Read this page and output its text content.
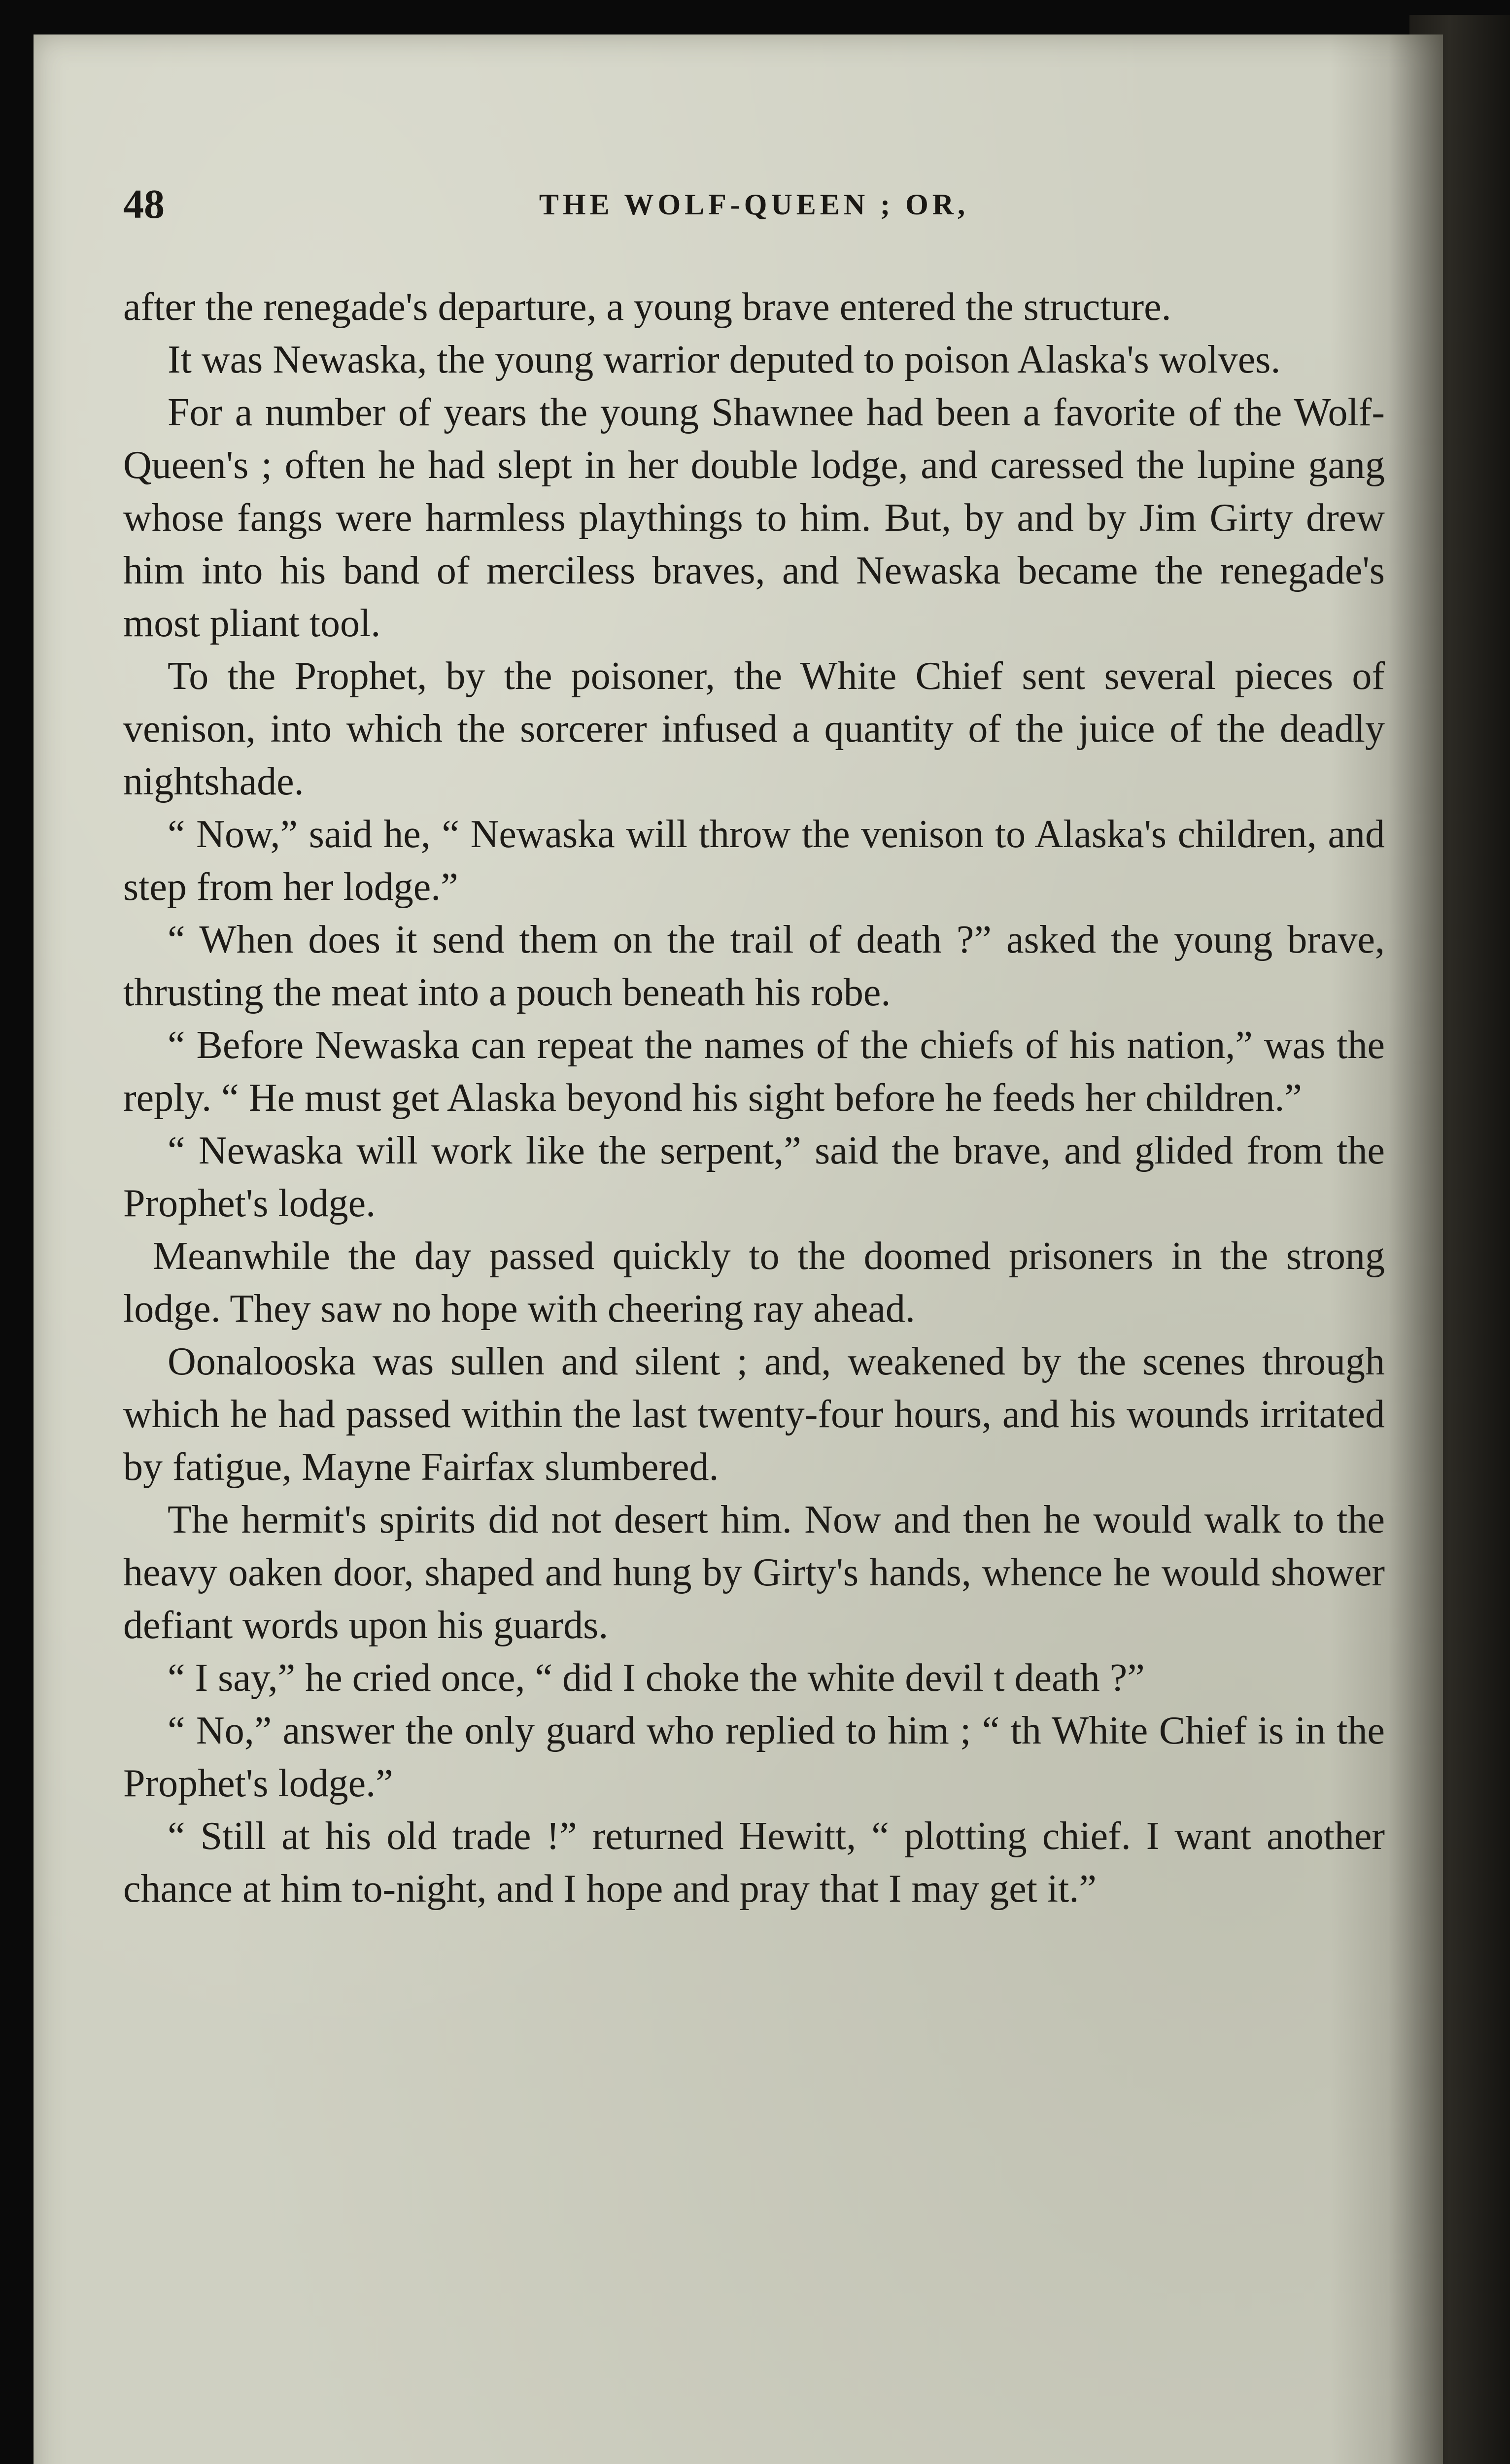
48	THE WOLF-QUEEN ; OR,

after the renegade's departure, a young brave entered the structure.

It was Newaska, the young warrior deputed to poison Alaska's wolves.

For a number of years the young Shawnee had been a favorite of the Wolf-Queen's ; often he had slept in her double lodge, and caressed the lupine gang whose fangs were harmless playthings to him. But, by and by Jim Girty drew him into his band of merciless braves, and Newaska became the renegade's most pliant tool.

To the Prophet, by the poisoner, the White Chief sent several pieces of venison, into which the sorcerer infused a quantity of the juice of the deadly nightshade.

“ Now,” said he, “ Newaska will throw the venison to Alaska's children, and step from her lodge.”

“ When does it send them on the trail of death ?” asked the young brave, thrusting the meat into a pouch beneath his robe.

“ Before Newaska can repeat the names of the chiefs of his nation,” was the reply. “ He must get Alaska beyond his sight before he feeds her children.”

“ Newaska will work like the serpent,” said the brave, and glided from the Prophet's lodge.

Meanwhile the day passed quickly to the doomed prisoners in the strong lodge. They saw no hope with cheering ray ahead.

Oonalooska was sullen and silent ; and, weakened by the scenes through which he had passed within the last twenty-four hours, and his wounds irritated by fatigue, Mayne Fairfax slumbered.

The hermit's spirits did not desert him. Now and then he would walk to the heavy oaken door, shaped and hung by Girty's hands, whence he would shower defiant words upon his guards.

“ I say,” he cried once, “ did I choke the white devil t death ?”

“ No,” answer the only guard who replied to him ; “ th White Chief is in the Prophet's lodge.”

“ Still at his old trade !” returned Hewitt, “ plotting chief. I want another chance at him to-night, and I hope and pray that I may get it.”
